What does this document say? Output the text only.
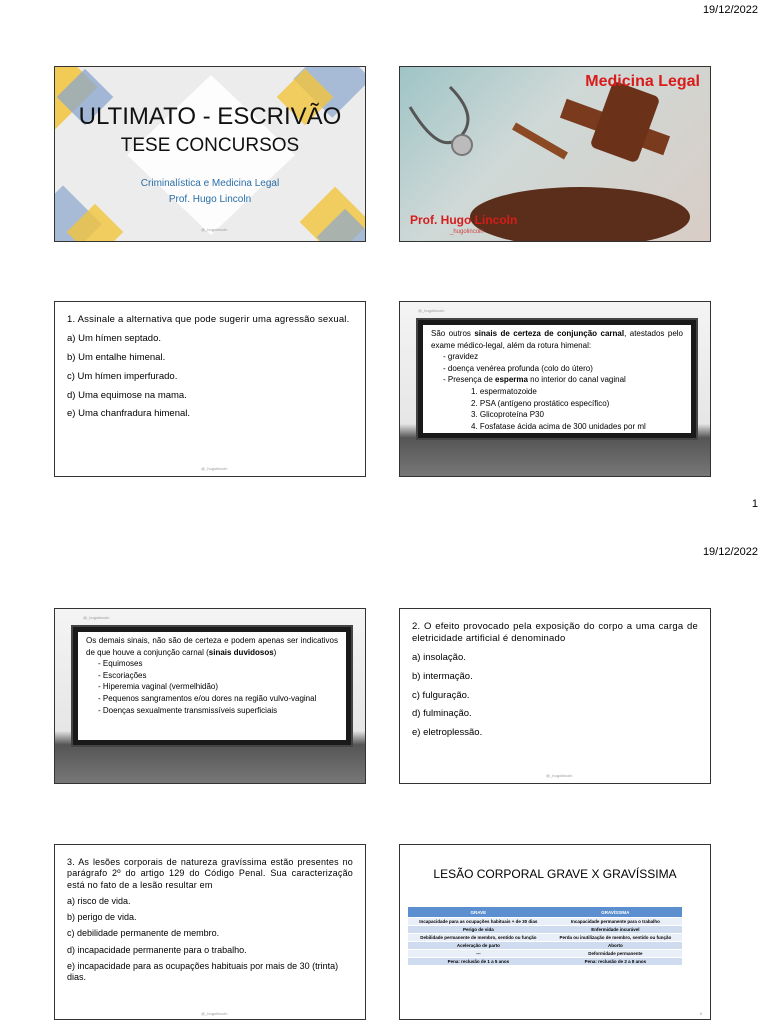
19/12/2022
ULTIMATO - ESCRIVÃO
TESE CONCURSOS
Criminalística e Medicina Legal
Prof. Hugo Lincoln
@_hugolincoln
Medicina Legal
Prof. Hugo Lincoln
_hugolincoln

1. Assinale a alternativa que pode sugerir uma agressão sexual.

a) Um hímen septado.

b) Um entalhe himenal.

c) Um hímen imperfurado.

d) Uma equimose na mama.

e) Uma chanfradura himenal.

@_hugolincoln
@_hugolincoln
São outros sinais de certeza de conjunção carnal, atestados pelo exame médico-legal, além da rotura himenal:
- gravidez
- doença venérea profunda (colo do útero)
- Presença de esperma no interior do canal vaginal
1. espermatozoide
2. PSA (antígeno prostático específico)
3. Glicoproteína P30
4. Fosfatase ácida acima de 300 unidades por ml
1
19/12/2022
@_hugolincoln
Os demais sinais, não são de certeza e podem apenas ser indicativos de que houve a conjunção carnal (sinais duvidosos)
- Equimoses
- Escoriações
- Hiperemia vaginal (vermelhidão)
- Pequenos sangramentos e/ou dores na região vulvo-vaginal
- Doenças sexualmente transmissíveis superficiais

2. O efeito provocado pela exposição do corpo a uma carga de eletricidade artificial é denominado

a) insolação.

b) intermação.

c) fulguração.

d) fulminação.

e) eletroplessão.

@_hugolincoln

3. As lesões corporais de natureza gravíssima estão presentes no parágrafo 2º do artigo 129 do Código Penal. Sua caracterização está no fato de a lesão resultar em

a) risco de vida.

b) perigo de vida.

c) debilidade permanente de membro.

d) incapacidade permanente para o trabalho.

e) incapacidade para as ocupações habituais por mais de 30 (trinta) dias.

@_hugolincoln
LESÃO CORPORAL GRAVE X GRAVÍSSIMA
GRAVE	GRAVÍSSIMA
Incapacidade para as ocupações habituais + de 30 dias	Incapacidade permanente para o trabalho
Perigo de vida	Enfermidade incurável
Debilidade permanente de membro, sentido ou função	Perda ou inutilização de membro, sentido ou função
Aceleração de parto	Aborto
---	Deformidade permanente
Pena: reclusão de 1 a 5 anos	Pena: reclusão de 2 a 8 anos
6
